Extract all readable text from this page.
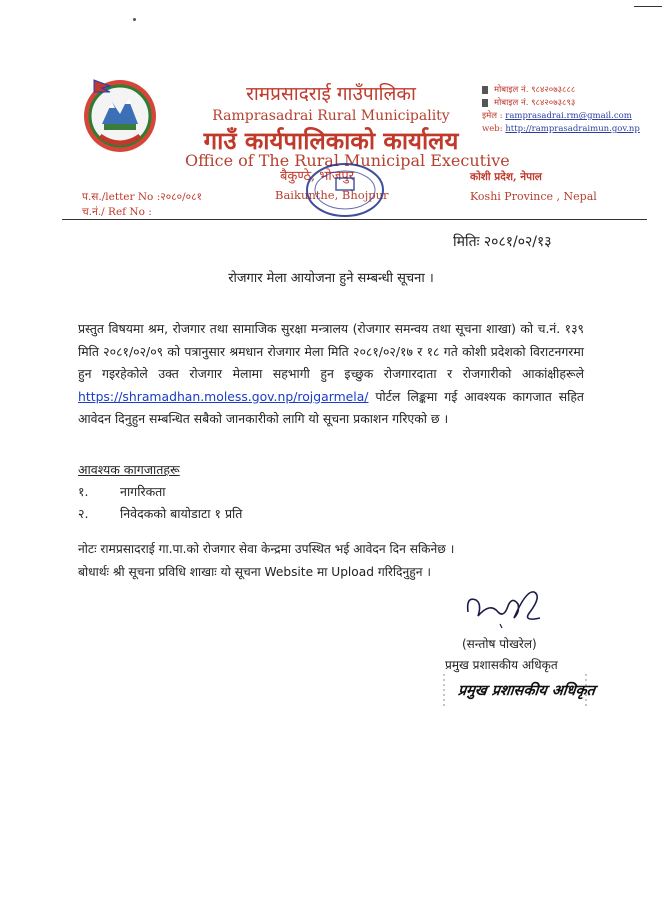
रामप्रसादराई गाउँपालिका
Ramprasadrai Rural Municipality
गाउँ कार्यपालिकाको कार्यालय
Office of The Rural Municipal Executive
बैकुण्ठे, भोजपुर
Baikunthe, Bhojpur
मोबाइल नं. ९८४२०७३८८८
मोबाइल नं. ९८४२०७३८९३
इमेल : ramprasadrai.rm@gmail.com
web: http://ramprasadraimun.gov.np
कोशी प्रदेश, नेपाल
Koshi Province , Nepal
प.स./letter No :२०८०/०८१
च.नं./ Ref No :
मितिः २०८१/०२/१३
रोजगार मेला आयोजना हुने सम्बन्धी सूचना ।
प्रस्तुत विषयमा श्रम, रोजगार तथा सामाजिक सुरक्षा मन्त्रालय (रोजगार समन्वय तथा सूचना शाखा) को च.नं. १३९ मिति २०८१/०२/०९ को पत्रानुसार श्रमधान रोजगार मेला मिति २०८१/०२/१७ र १८ गते कोशी प्रदेशको विराटनगरमा हुन गइरहेकोले उक्त रोजगार मेलामा सहभागी हुन इच्छुक रोजगारदाता र रोजगारीको आकांक्षीहरूले https://shramadhan.moless.gov.np/rojgarmela/ पोर्टल लिङ्कमा गई आवश्यक कागजात सहित आवेदन दिनुहुन सम्बन्धित सबैको जानकारीको लागि यो सूचना प्रकाशन गरिएको छ ।
आवश्यक कागजातहरू
१.	नागरिकता
२.	निवेदकको बायोडाटा १ प्रति
नोटः रामप्रसादराई गा.पा.को रोजगार सेवा केन्द्रमा उपस्थित भई आवेदन दिन सकिनेछ ।
बोधार्थः श्री सूचना प्रविधि शाखाः यो सूचना Website मा Upload गरिदिनुहुन ।
(सन्तोष पोखरेल)
प्रमुख प्रशासकीय अधिकृत
प्रमुख प्रशासकीय अधिकृत
